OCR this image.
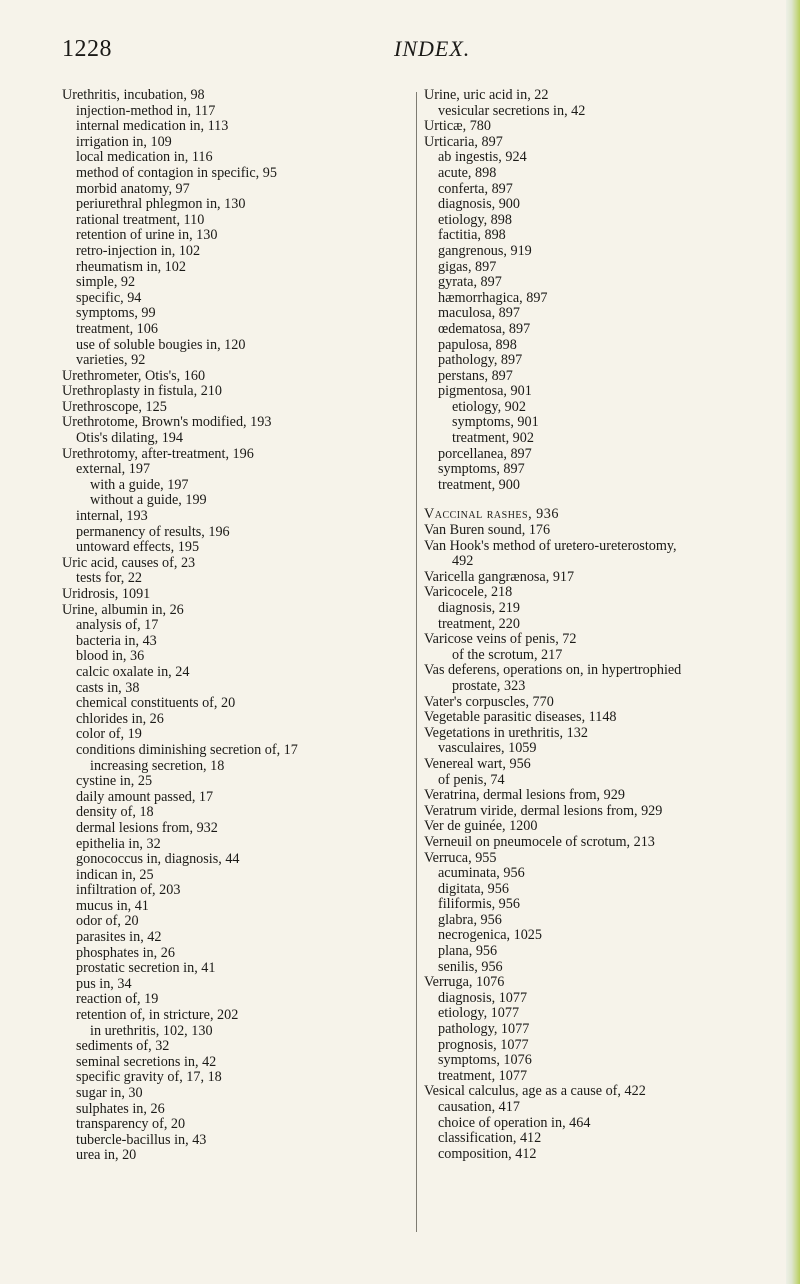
1228	INDEX.
Urethritis, incubation, 98
injection-method in, 117
internal medication in, 113
irrigation in, 109
local medication in, 116
method of contagion in specific, 95
morbid anatomy, 97
periurethral phlegmon in, 130
rational treatment, 110
retention of urine in, 130
retro-injection in, 102
rheumatism in, 102
simple, 92
specific, 94
symptoms, 99
treatment, 106
use of soluble bougies in, 120
varieties, 92
Urethrometer, Otis's, 160
Urethroplasty in fistula, 210
Urethroscope, 125
Urethrotome, Brown's modified, 193
Otis's dilating, 194
Urethrotomy, after-treatment, 196
external, 197
with a guide, 197
without a guide, 199
internal, 193
permanency of results, 196
untoward effects, 195
Uric acid, causes of, 23
tests for, 22
Uridrosis, 1091
Urine, albumin in, 26
analysis of, 17
bacteria in, 43
blood in, 36
calcic oxalate in, 24
casts in, 38
chemical constituents of, 20
chlorides in, 26
color of, 19
conditions diminishing secretion of, 17
increasing secretion, 18
cystine in, 25
daily amount passed, 17
density of, 18
dermal lesions from, 932
epithelia in, 32
gonococcus in, diagnosis, 44
indican in, 25
infiltration of, 203
mucus in, 41
odor of, 20
parasites in, 42
phosphates in, 26
prostatic secretion in, 41
pus in, 34
reaction of, 19
retention of, in stricture, 202
in urethritis, 102, 130
sediments of, 32
seminal secretions in, 42
specific gravity of, 17, 18
sugar in, 30
sulphates in, 26
transparency of, 20
tubercle-bacillus in, 43
urea in, 20
Urine, uric acid in, 22
vesicular secretions in, 42
Urticæ, 780
Urticaria, 897
ab ingestis, 924
acute, 898
conferta, 897
diagnosis, 900
etiology, 898
factitia, 898
gangrenous, 919
gigas, 897
gyrata, 897
hæmorrhagica, 897
maculosa, 897
œdematosa, 897
papulosa, 898
pathology, 897
perstans, 897
pigmentosa, 901
etiology, 902
symptoms, 901
treatment, 902
porcellanea, 897
symptoms, 897
treatment, 900
Vaccinal rashes, 936
Van Buren sound, 176
Van Hook's method of uretero-ureterostomy,
492
Varicella gangrænosa, 917
Varicocele, 218
diagnosis, 219
treatment, 220
Varicose veins of penis, 72
of the scrotum, 217
Vas deferens, operations on, in hypertrophied
prostate, 323
Vater's corpuscles, 770
Vegetable parasitic diseases, 1148
Vegetations in urethritis, 132
vasculaires, 1059
Venereal wart, 956
of penis, 74
Veratrina, dermal lesions from, 929
Veratrum viride, dermal lesions from, 929
Ver de guinée, 1200
Verneuil on pneumocele of scrotum, 213
Verruca, 955
acuminata, 956
digitata, 956
filiformis, 956
glabra, 956
necrogenica, 1025
plana, 956
senilis, 956
Verruga, 1076
diagnosis, 1077
etiology, 1077
pathology, 1077
prognosis, 1077
symptoms, 1076
treatment, 1077
Vesical calculus, age as a cause of, 422
causation, 417
choice of operation in, 464
classification, 412
composition, 412
